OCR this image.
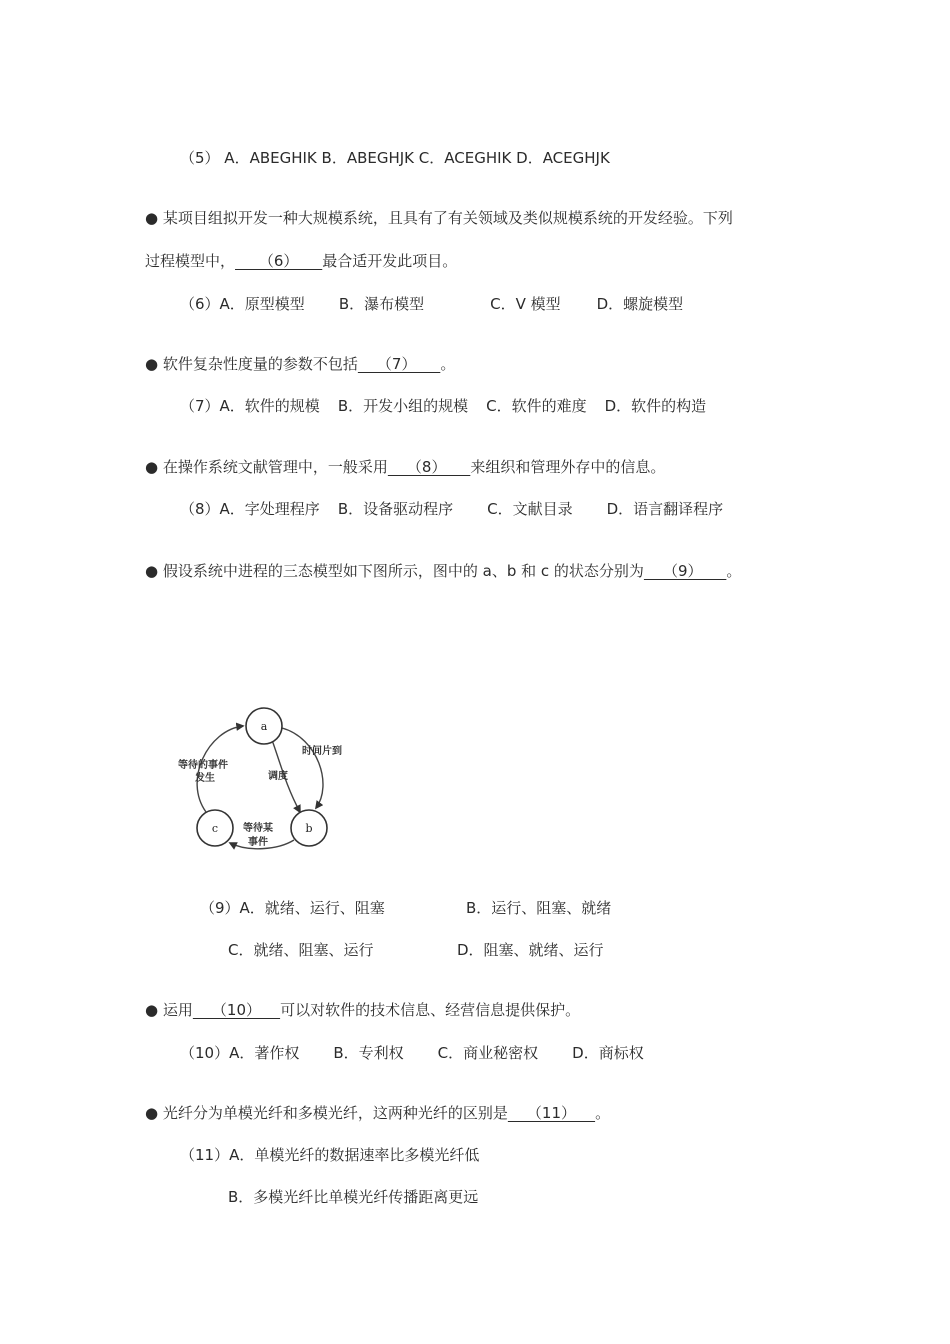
（5） A．ABEGHIK B．ABEGHJK C．ACEGHIK D．ACEGHJK
● 某项目组拟开发一种大规模系统，且具有了有关领域及类似规模系统的开发经验。下列
过程模型中，     （6）     最合适开发此项目。
（6）A．原型模型 B．瀑布模型	C．V 模型 D．螺旋模型
● 软件复杂性度量的参数不包括    （7）     。
（7）A．软件的规模 B．开发小组的规模 C．软件的难度 D．软件的构造
● 在操作系统文献管理中，一般采用    （8）     来组织和管理外存中的信息。
（8）A．字处理程序 B．设备驱动程序 C．文献目录 D．语言翻译程序
● 假设系统中进程的三态模型如下图所示，图中的 a、b 和 c 的状态分别为    （9）     。
a
b
c
时间片到
调度
等待的事件
发生
等待某
事件
（9）A．就绪、运行、阻塞	B．运行、阻塞、就绪
C．就绪、阻塞、运行	D．阻塞、就绪、运行
● 运用    （10）    可以对软件的技术信息、经营信息提供保护。
（10）A．著作权 B．专利权 C．商业秘密权 D．商标权
● 光纤分为单模光纤和多模光纤，这两种光纤的区别是    （11）    。
（11）A．单模光纤的数据速率比多模光纤低
B．多模光纤比单模光纤传播距离更远
